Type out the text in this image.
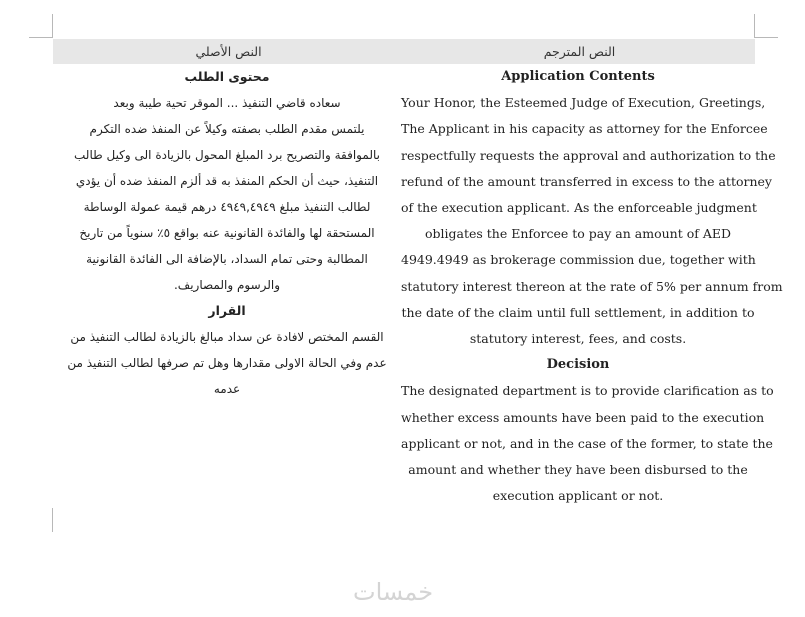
النص الأصلي	النص المترجم
محتوى الطلب
سعاده قاضي التنفيذ ... الموقر تحية طيبة وبعد
يلتمس مقدم الطلب بصفته وكيلاً عن المنفذ ضده التكرم
بالموافقة والتصريح برد المبلغ المحول بالزيادة الى وكيل طالب
التنفيذ، حيث أن الحكم المنفذ به قد ألزم المنفذ ضده أن يؤدي
لطالب التنفيذ مبلغ ٤٩٤٩,٤٩٤٩ درهم قيمة عمولة الوساطة
المستحقة لها والفائدة القانونية عنه بواقع ٥٪ سنوياً من تاريخ
المطالبة وحتى تمام السداد، بالإضافة الى الفائدة القانونية
والرسوم والمصاريف.
القرار
القسم المختص لافادة عن سداد مبالغ بالزيادة لطالب التنفيذ من
عدم وفي الحالة الاولى مقدارها وهل تم صرفها لطالب التنفيذ من
عدمه
Application Contents
Your Honor, the Esteemed Judge of Execution, Greetings,
The Applicant in his capacity as attorney for the Enforcee
respectfully requests the approval and authorization to the
refund of the amount transferred in excess to the attorney
of the execution applicant. As the enforceable judgment
obligates the Enforcee to pay an amount of AED
4949.4949 as brokerage commission due, together with
statutory interest thereon at the rate of 5% per annum from
the date of the claim until full settlement, in addition to
statutory interest, fees, and costs.
Decision
The designated department is to provide clarification as to
whether excess amounts have been paid to the execution
applicant or not, and in the case of the former, to state the
amount and whether they have been disbursed to the
execution applicant or not.
خمسات
